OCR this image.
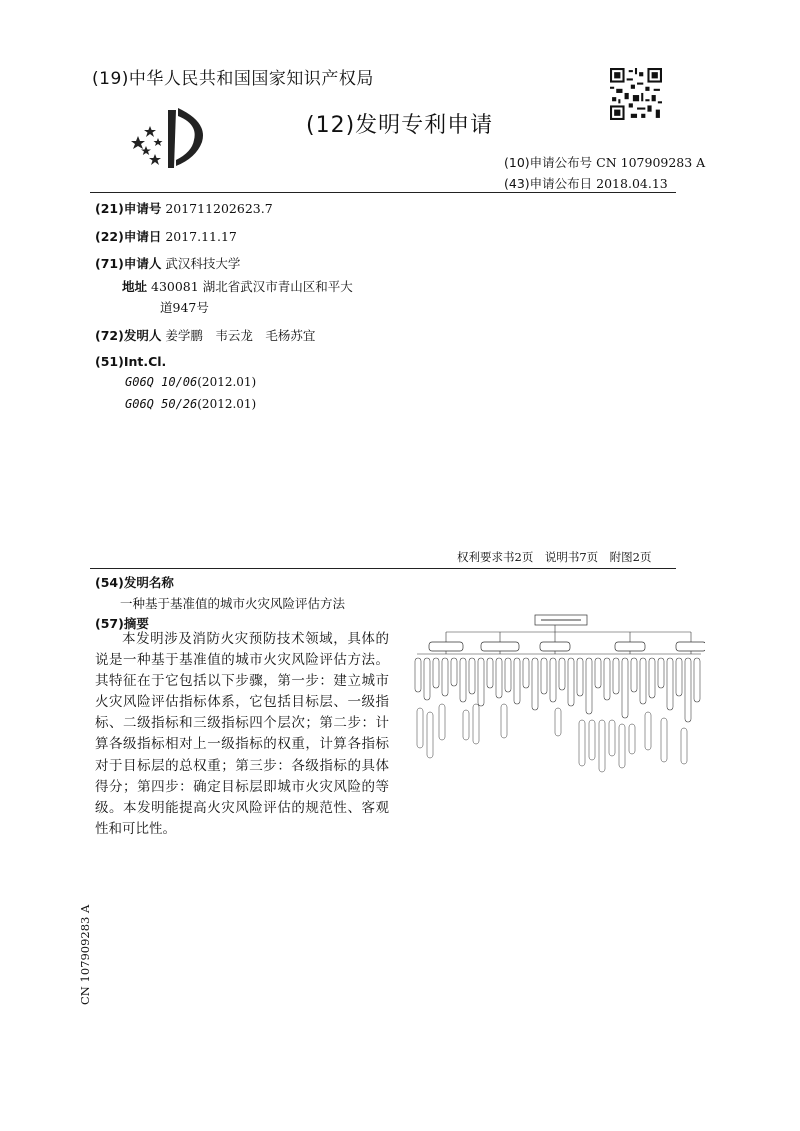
(19)中华人民共和国国家知识产权局
(12)发明专利申请
(10)申请公布号 CN 107909283 A
(43)申请公布日 2018.04.13
(21)申请号 201711202623.7
(22)申请日 2017.11.17
(71)申请人 武汉科技大学
地址 430081 湖北省武汉市青山区和平大
道947号
(72)发明人 姜学鹏　韦云龙　毛杨苏宜
(51)Int.Cl.
G06Q 10/06(2012.01)
G06Q 50/26(2012.01)
权利要求书2页　说明书7页　附图2页
(54)发明名称
一种基于基准值的城市火灾风险评估方法
(57)摘要
本发明涉及消防火灾预防技术领域，具体的说是一种基于基准值的城市火灾风险评估方法。其特征在于它包括以下步骤，第一步：建立城市火灾风险评估指标体系，它包括目标层、一级指标、二级指标和三级指标四个层次；第二步：计算各级指标相对上一级指标的权重，计算各指标对于目标层的总权重；第三步：各级指标的具体得分；第四步：确定目标层即城市火灾风险的等级。本发明能提高火灾风险评估的规范性、客观性和可比性。
CN 107909283 A
